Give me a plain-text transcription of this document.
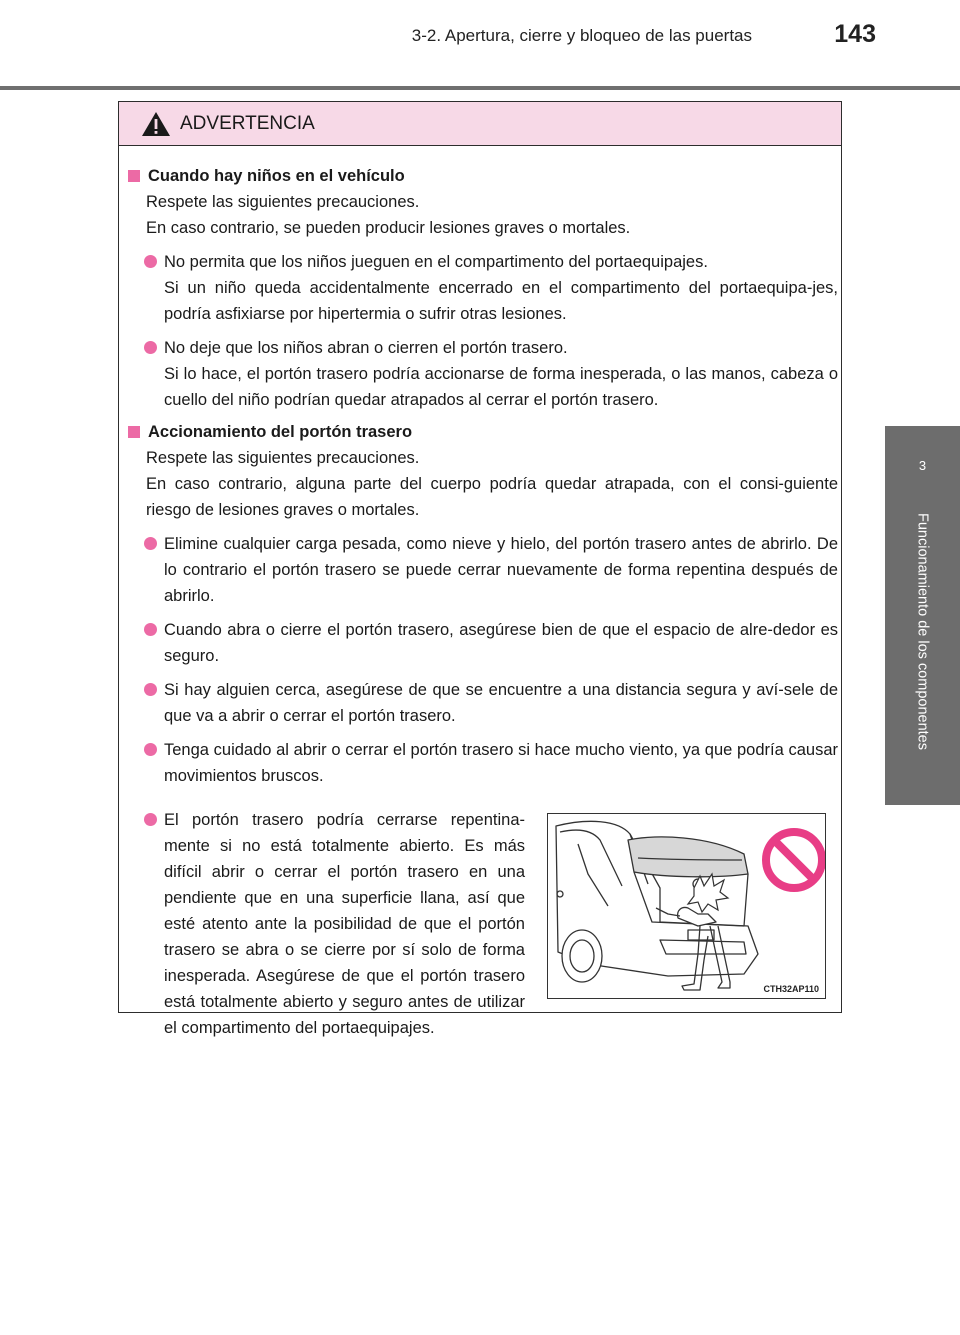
3-2. Apertura, cierre y bloqueo de las puertas	143
3
Funcionamiento de los componentes
ADVERTENCIA
Cuando hay niños en el vehículo
Respete las siguientes precauciones.
En caso contrario, se pueden producir lesiones graves o mortales.
No permita que los niños jueguen en el compartimento del portaequipajes.
Si un niño queda accidentalmente encerrado en el compartimento del portaequipa-jes, podría asfixiarse por hipertermia o sufrir otras lesiones.
No deje que los niños abran o cierren el portón trasero.
Si lo hace, el portón trasero podría accionarse de forma inesperada, o las manos, cabeza o cuello del niño podrían quedar atrapados al cerrar el portón trasero.
Accionamiento del portón trasero
Respete las siguientes precauciones.
En caso contrario, alguna parte del cuerpo podría quedar atrapada, con el consi-guiente riesgo de lesiones graves o mortales.
Elimine cualquier carga pesada, como nieve y hielo, del portón trasero antes de abrirlo. De lo contrario el portón trasero se puede cerrar nuevamente de forma repentina después de abrirlo.
Cuando abra o cierre el portón trasero, asegúrese bien de que el espacio de alre-dedor es seguro.
Si hay alguien cerca, asegúrese de que se encuentre a una distancia segura y aví-sele de que va a abrir o cerrar el portón trasero.
Tenga cuidado al abrir o cerrar el portón trasero si hace mucho viento, ya que podría causar movimientos bruscos.
El portón trasero podría cerrarse repentina-mente si no está totalmente abierto. Es más difícil abrir o cerrar el portón trasero en una pendiente que en una superficie llana, así que esté atento ante la posibilidad de que el portón trasero se abra o se cierre por sí solo de forma inesperada. Asegúrese de que el portón trasero está totalmente abierto y seguro antes de utilizar el compartimento del portaequipajes.
CTH32AP110
